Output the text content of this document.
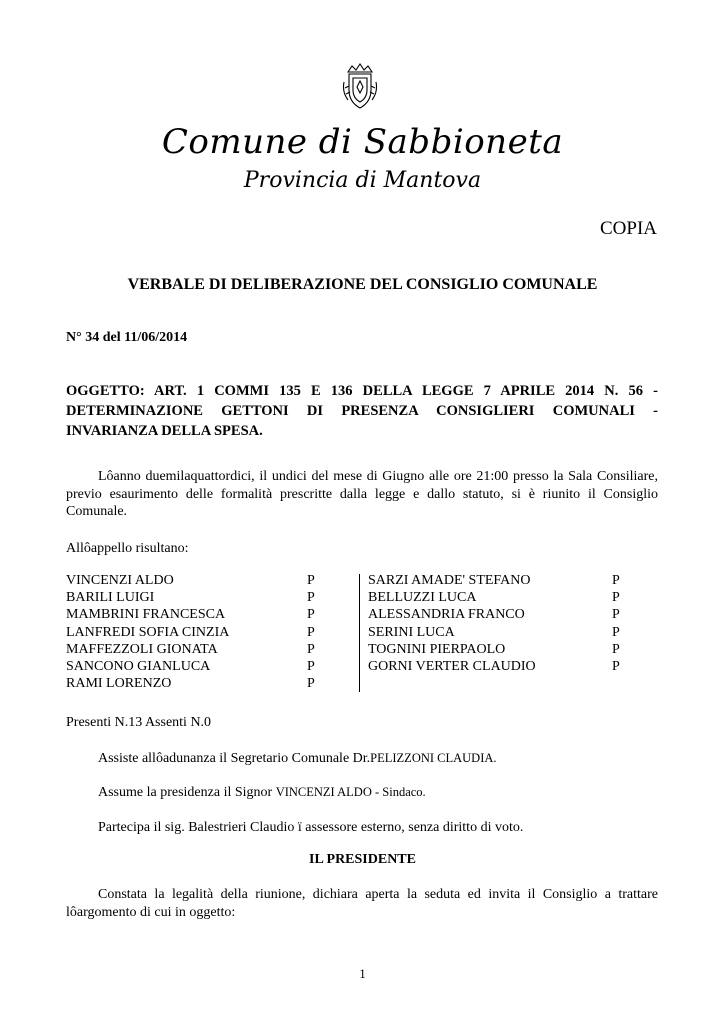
Comune di Sabbioneta
Provincia di Mantova
COPIA
VERBALE DI DELIBERAZIONE DEL CONSIGLIO COMUNALE
N° 34 del 11/06/2014
OGGETTO: ART. 1 COMMI 135 E 136 DELLA LEGGE 7 APRILE 2014 N. 56 - DETERMINAZIONE GETTONI DI PRESENZA CONSIGLIERI COMUNALI - INVARIANZA DELLA SPESA.
Lôanno duemilaquattordici, il undici del mese di Giugno alle ore 21:00 presso la Sala Consiliare, previo esaurimento delle formalità prescritte dalla legge e dallo statuto, si è riunito il Consiglio Comunale.
Allôappello risultano:
VINCENZI ALDO	P
BARILI LUIGI	P
MAMBRINI FRANCESCA	P
LANFREDI SOFIA CINZIA	P
MAFFEZZOLI GIONATA	P
SANCONO GIANLUCA	P
RAMI LORENZO	P
SARZI AMADE' STEFANO	P
BELLUZZI LUCA	P
ALESSANDRIA FRANCO	P
SERINI LUCA	P
TOGNINI PIERPAOLO	P
GORNI VERTER CLAUDIO	P
Presenti N.13 Assenti N.0
Assiste allôadunanza il Segretario Comunale Dr.PELIZZONI CLAUDIA.
Assume la presidenza il Signor VINCENZI ALDO - Sindaco.
Partecipa il sig. Balestrieri Claudio ï assessore esterno, senza diritto di voto.
IL PRESIDENTE
Constata la legalità della riunione, dichiara aperta la seduta ed invita il Consiglio a trattare lôargomento di cui in oggetto:
1
